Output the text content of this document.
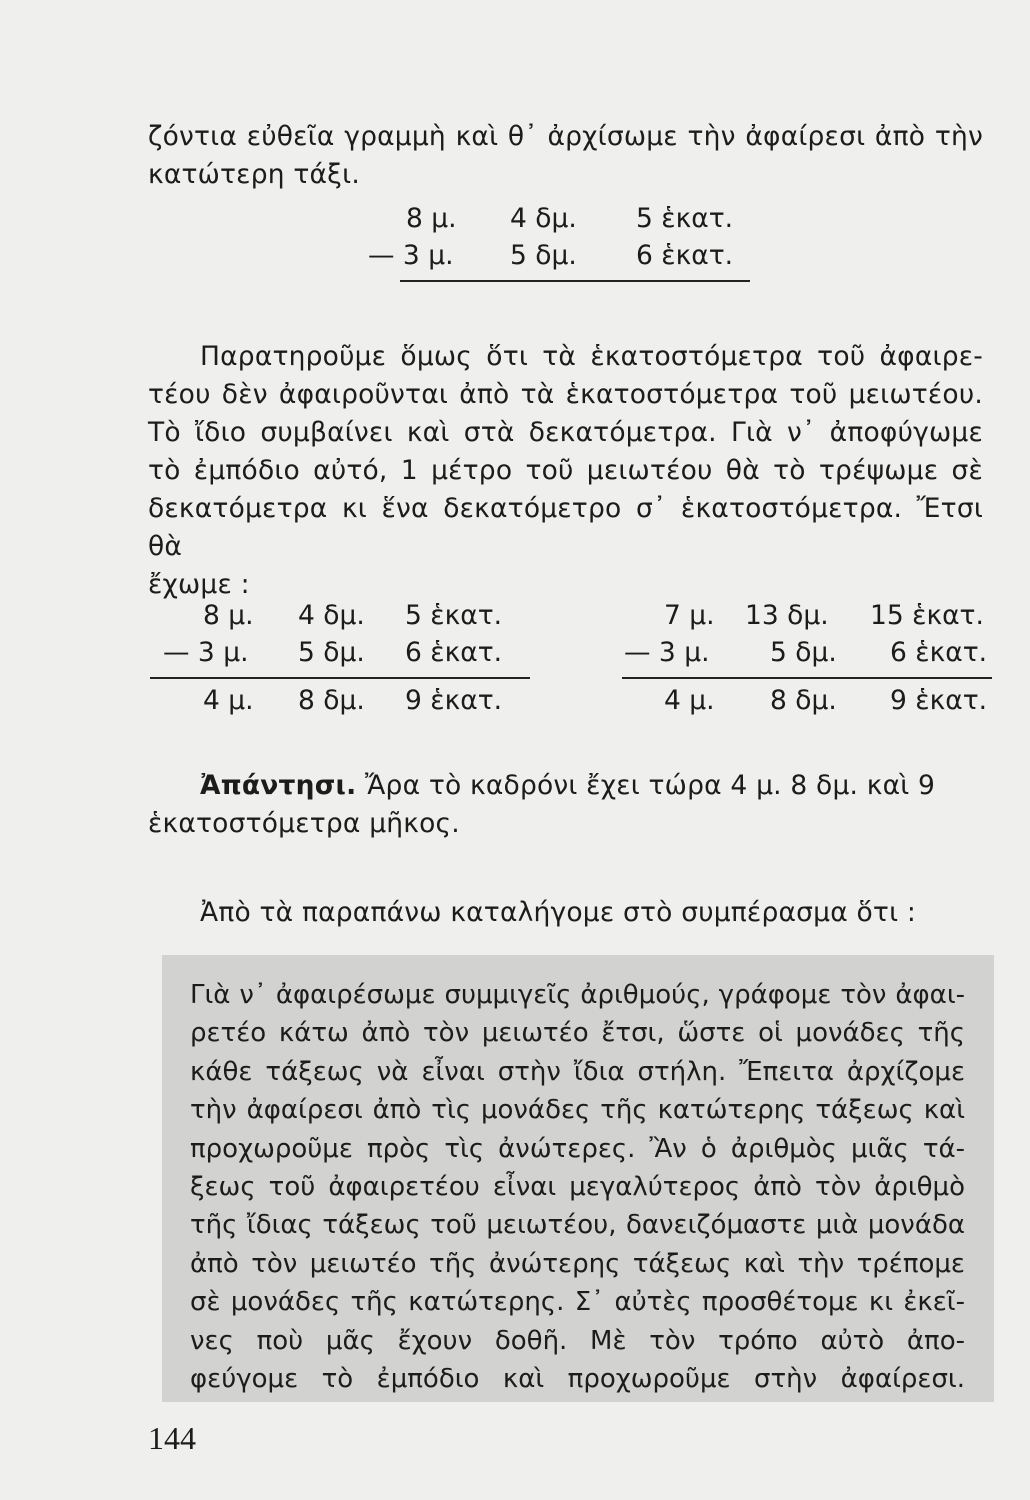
ζόντια εὐθεῖα γραμμὴ καὶ θ᾽ ἀρχίσωμε τὴν ἀφαίρεσι ἀπὸ τὴν
κατώτερη τάξι.
8 μ. 4 δμ. 5 ἑκατ.
— 3 μ. 5 δμ. 6 ἑκατ.
Παρατηροῦμε ὅμως ὅτι τὰ ἑκατοστόμετρα τοῦ ἀφαιρε-
τέου δὲν ἀφαιροῦνται ἀπὸ τὰ ἑκατοστόμετρα τοῦ μειωτέου.
Τὸ ἴδιο συμβαίνει καὶ στὰ δεκατόμετρα. Γιὰ ν᾽ ἀποφύγωμε
τὸ ἐμπόδιο αὐτό, 1 μέτρο τοῦ μειωτέου θὰ τὸ τρέψωμε σὲ
δεκατόμετρα κι ἕνα δεκατόμετρο σ᾽ ἑκατοστόμετρα. Ἔτσι θὰ
ἔχωμε :
8 μ. 4 δμ. 5 ἑκατ.
— 3 μ. 5 δμ. 6 ἑκατ.
4 μ. 8 δμ. 9 ἑκατ.
7 μ. 13 δμ. 15 ἑκατ.
— 3 μ. 5 δμ. 6 ἑκατ.
4 μ. 8 δμ. 9 ἑκατ.
Ἀπάντησι. Ἄρα τὸ καδρόνι ἔχει τώρα 4 μ. 8 δμ. καὶ 9
ἑκατοστόμετρα μῆκος.
Ἀπὸ τὰ παραπάνω καταλήγομε στὸ συμπέρασμα ὅτι :
Γιὰ ν᾽ ἀφαιρέσωμε συμμιγεῖς ἀριθμούς, γράφομε τὸν ἀφαι-
ρετέο κάτω ἀπὸ τὸν μειωτέο ἔτσι, ὥστε οἱ μονάδες τῆς
κάθε τάξεως νὰ εἶναι στὴν ἴδια στήλη. Ἔπειτα ἀρχίζομε
τὴν ἀφαίρεσι ἀπὸ τὶς μονάδες τῆς κατώτερης τάξεως καὶ
προχωροῦμε πρὸς τὶς ἀνώτερες. Ἂν ὁ ἀριθμὸς μιᾶς τά-
ξεως τοῦ ἀφαιρετέου εἶναι μεγαλύτερος ἀπὸ τὸν ἀριθμὸ
τῆς ἴδιας τάξεως τοῦ μειωτέου, δανειζόμαστε μιὰ μονάδα
ἀπὸ τὸν μειωτέο τῆς ἀνώτερης τάξεως καὶ τὴν τρέπομε
σὲ μονάδες τῆς κατώτερης. Σ᾽ αὐτὲς προσθέτομε κι ἐκεῖ-
νες ποὺ μᾶς ἔχουν δοθῆ. Μὲ τὸν τρόπο αὐτὸ ἀπο-
φεύγομε τὸ ἐμπόδιο καὶ προχωροῦμε στὴν ἀφαίρεσι.
144
